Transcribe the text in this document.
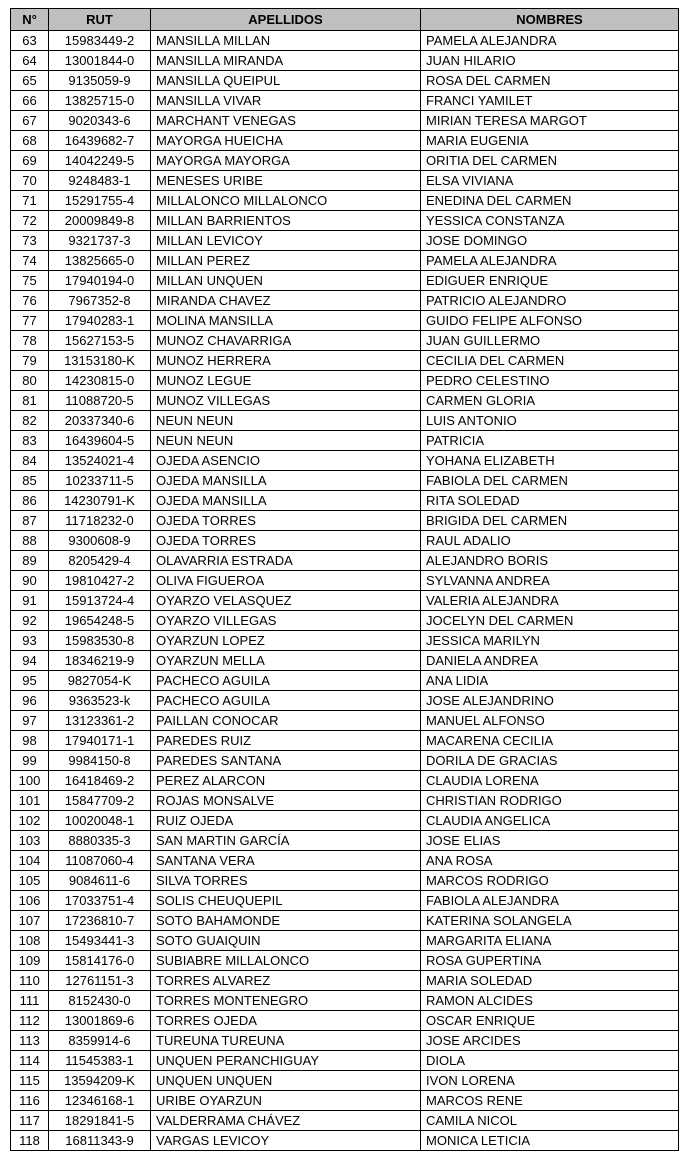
N°	RUT	APELLIDOS	NOMBRES
63	15983449-2	MANSILLA MILLAN	PAMELA ALEJANDRA
64	13001844-0	MANSILLA MIRANDA	JUAN HILARIO
65	9135059-9	MANSILLA QUEIPUL	ROSA DEL CARMEN
66	13825715-0	MANSILLA VIVAR	FRANCI YAMILET
67	9020343-6	MARCHANT VENEGAS	MIRIAN TERESA MARGOT
68	16439682-7	MAYORGA HUEICHA	MARIA EUGENIA
69	14042249-5	MAYORGA MAYORGA	ORITIA DEL CARMEN
70	9248483-1	MENESES URIBE	ELSA VIVIANA
71	15291755-4	MILLALONCO MILLALONCO	ENEDINA DEL CARMEN
72	20009849-8	MILLAN BARRIENTOS	YESSICA CONSTANZA
73	9321737-3	MILLAN LEVICOY	JOSE DOMINGO
74	13825665-0	MILLAN PEREZ	PAMELA ALEJANDRA
75	17940194-0	MILLAN UNQUEN	EDIGUER ENRIQUE
76	7967352-8	MIRANDA CHAVEZ	PATRICIO ALEJANDRO
77	17940283-1	MOLINA MANSILLA	GUIDO FELIPE ALFONSO
78	15627153-5	MUNOZ CHAVARRIGA	JUAN GUILLERMO
79	13153180-K	MUNOZ HERRERA	CECILIA DEL CARMEN
80	14230815-0	MUNOZ LEGUE	PEDRO CELESTINO
81	11088720-5	MUNOZ VILLEGAS	CARMEN GLORIA
82	20337340-6	NEUN NEUN	LUIS ANTONIO
83	16439604-5	NEUN NEUN	PATRICIA
84	13524021-4	OJEDA ASENCIO	YOHANA ELIZABETH
85	10233711-5	OJEDA MANSILLA	FABIOLA DEL CARMEN
86	14230791-K	OJEDA MANSILLA	RITA SOLEDAD
87	11718232-0	OJEDA TORRES	BRIGIDA DEL CARMEN
88	9300608-9	OJEDA TORRES	RAUL ADALIO
89	8205429-4	OLAVARRIA ESTRADA	ALEJANDRO BORIS
90	19810427-2	OLIVA FIGUEROA	SYLVANNA ANDREA
91	15913724-4	OYARZO VELASQUEZ	VALERIA ALEJANDRA
92	19654248-5	OYARZO VILLEGAS	JOCELYN DEL CARMEN
93	15983530-8	OYARZUN LOPEZ	JESSICA MARILYN
94	18346219-9	OYARZUN MELLA	DANIELA ANDREA
95	9827054-K	PACHECO AGUILA	ANA LIDIA
96	9363523-k	PACHECO AGUILA	JOSE ALEJANDRINO
97	13123361-2	PAILLAN CONOCAR	MANUEL ALFONSO
98	17940171-1	PAREDES RUIZ	MACARENA CECILIA
99	9984150-8	PAREDES SANTANA	DORILA DE GRACIAS
100	16418469-2	PEREZ ALARCON	CLAUDIA LORENA
101	15847709-2	ROJAS MONSALVE	CHRISTIAN RODRIGO
102	10020048-1	RUIZ OJEDA	CLAUDIA ANGELICA
103	8880335-3	SAN MARTIN GARCÍA	JOSE ELIAS
104	11087060-4	SANTANA VERA	ANA ROSA
105	9084611-6	SILVA TORRES	MARCOS RODRIGO
106	17033751-4	SOLIS CHEUQUEPIL	FABIOLA ALEJANDRA
107	17236810-7	SOTO BAHAMONDE	KATERINA SOLANGELA
108	15493441-3	SOTO GUAIQUIN	MARGARITA ELIANA
109	15814176-0	SUBIABRE MILLALONCO	ROSA GUPERTINA
110	12761151-3	TORRES ALVAREZ	MARIA SOLEDAD
111	8152430-0	TORRES MONTENEGRO	RAMON ALCIDES
112	13001869-6	TORRES OJEDA	OSCAR ENRIQUE
113	8359914-6	TUREUNA TUREUNA	JOSE ARCIDES
114	11545383-1	UNQUEN PERANCHIGUAY	DIOLA
115	13594209-K	UNQUEN UNQUEN	IVON LORENA
116	12346168-1	URIBE OYARZUN	MARCOS RENE
117	18291841-5	VALDERRAMA CHÁVEZ	CAMILA NICOL
118	16811343-9	VARGAS LEVICOY	MONICA LETICIA
